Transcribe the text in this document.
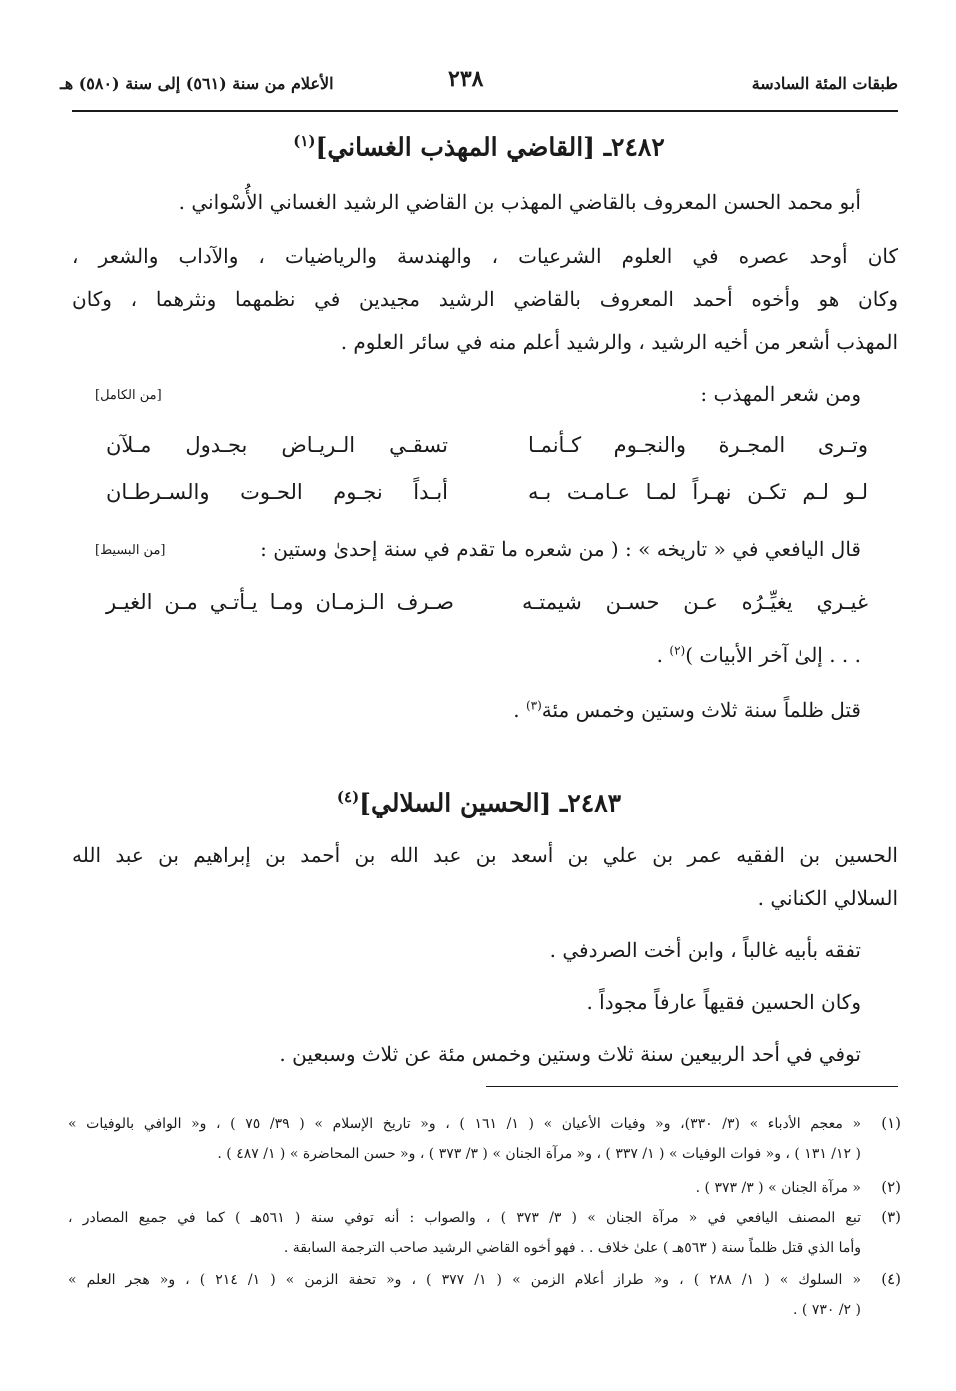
طبقات المئة السادسة
٢٣٨
الأعلام من سنة (٥٦١) إلى سنة (٥٨٠) هـ
٢٤٨٢ـ [القاضي المهذب الغساني]$^{(١)}$
أبو محمد الحسن المعروف بالقاضي المهذب بن القاضي الرشيد الغساني الأُسْواني .
كان أوحد عصره في العلوم الشرعيات ، والهندسة والرياضيات ، والآداب والشعر ،
وكان هو وأخوه أحمد المعروف بالقاضي الرشيد مجيدين في نظمهما ونثرهما ، وكان
المهذب أشعر من أخيه الرشيد ، والرشيد أعلم منه في سائر العلوم .
ومن شعر المهذب :
[من الكامل]
وتـرى المجـرة والنجـوم كـأنمـا
تسقـي الـريـاض بجـدول مـلآن
لـو لـم تكـن نهـراً لمـا عـامـت بـه
أبـداً نجـوم الحـوت والسـرطـان
قال اليافعي في « تاريخه » : ( من شعره ما تقدم في سنة إحدىٰ وستين :
[من البسيط]
غيـري يغيِّـرُه عـن حسـن شيمتـه
صـرف الـزمـان ومـا يـأتـي مـن الغيـر
. . . إلىٰ آخر الأبيات )$^{(٢)}$ .
قتل ظلماً سنة ثلاث وستين وخمس مئة$^{(٣)}$ .
٢٤٨٣ـ [الحسين السلالي]$^{(٤)}$
الحسين بن الفقيه عمر بن علي بن أسعد بن عبد الله بن أحمد بن إبراهيم بن عبد الله
السلالي الكناني .
تفقه بأبيه غالباً ، وابن أخت الصردفي .
وكان الحسين فقيهاً عارفاً مجوداً .
توفي في أحد الربيعين سنة ثلاث وستين وخمس مئة عن ثلاث وسبعين .
(١)
« معجم الأدباء » (٣/ ٣٣٠)، و« وفيات الأعيان » ( ١/ ١٦١ ) ، و« تاريخ الإسلام » ( ٣٩/ ٧٥ ) ، و« الوافي بالوفيات »
( ١٢/ ١٣١ ) ، و« فوات الوفيات » ( ١/ ٣٣٧ ) ، و« مرآة الجنان » ( ٣/ ٣٧٣ ) ، و« حسن المحاضرة » ( ١/ ٤٨٧ ) .
(٢)
« مرآة الجنان » ( ٣/ ٣٧٣ ) .
(٣)
تبع المصنف اليافعي في « مرآة الجنان » ( ٣/ ٣٧٣ ) ، والصواب : أنه توفي سنة ( ٥٦١هـ ) كما في جميع المصادر ،
وأما الذي قتل ظلماً سنة ( ٥٦٣هـ ) علىٰ خلاف . . فهو أخوه القاضي الرشيد صاحب الترجمة السابقة .
(٤)
« السلوك » ( ١/ ٢٨٨ ) ، و« طراز أعلام الزمن » ( ١/ ٣٧٧ ) ، و« تحفة الزمن » ( ١/ ٢١٤ ) ، و« هجر العلم »
( ٢/ ٧٣٠ ) .
